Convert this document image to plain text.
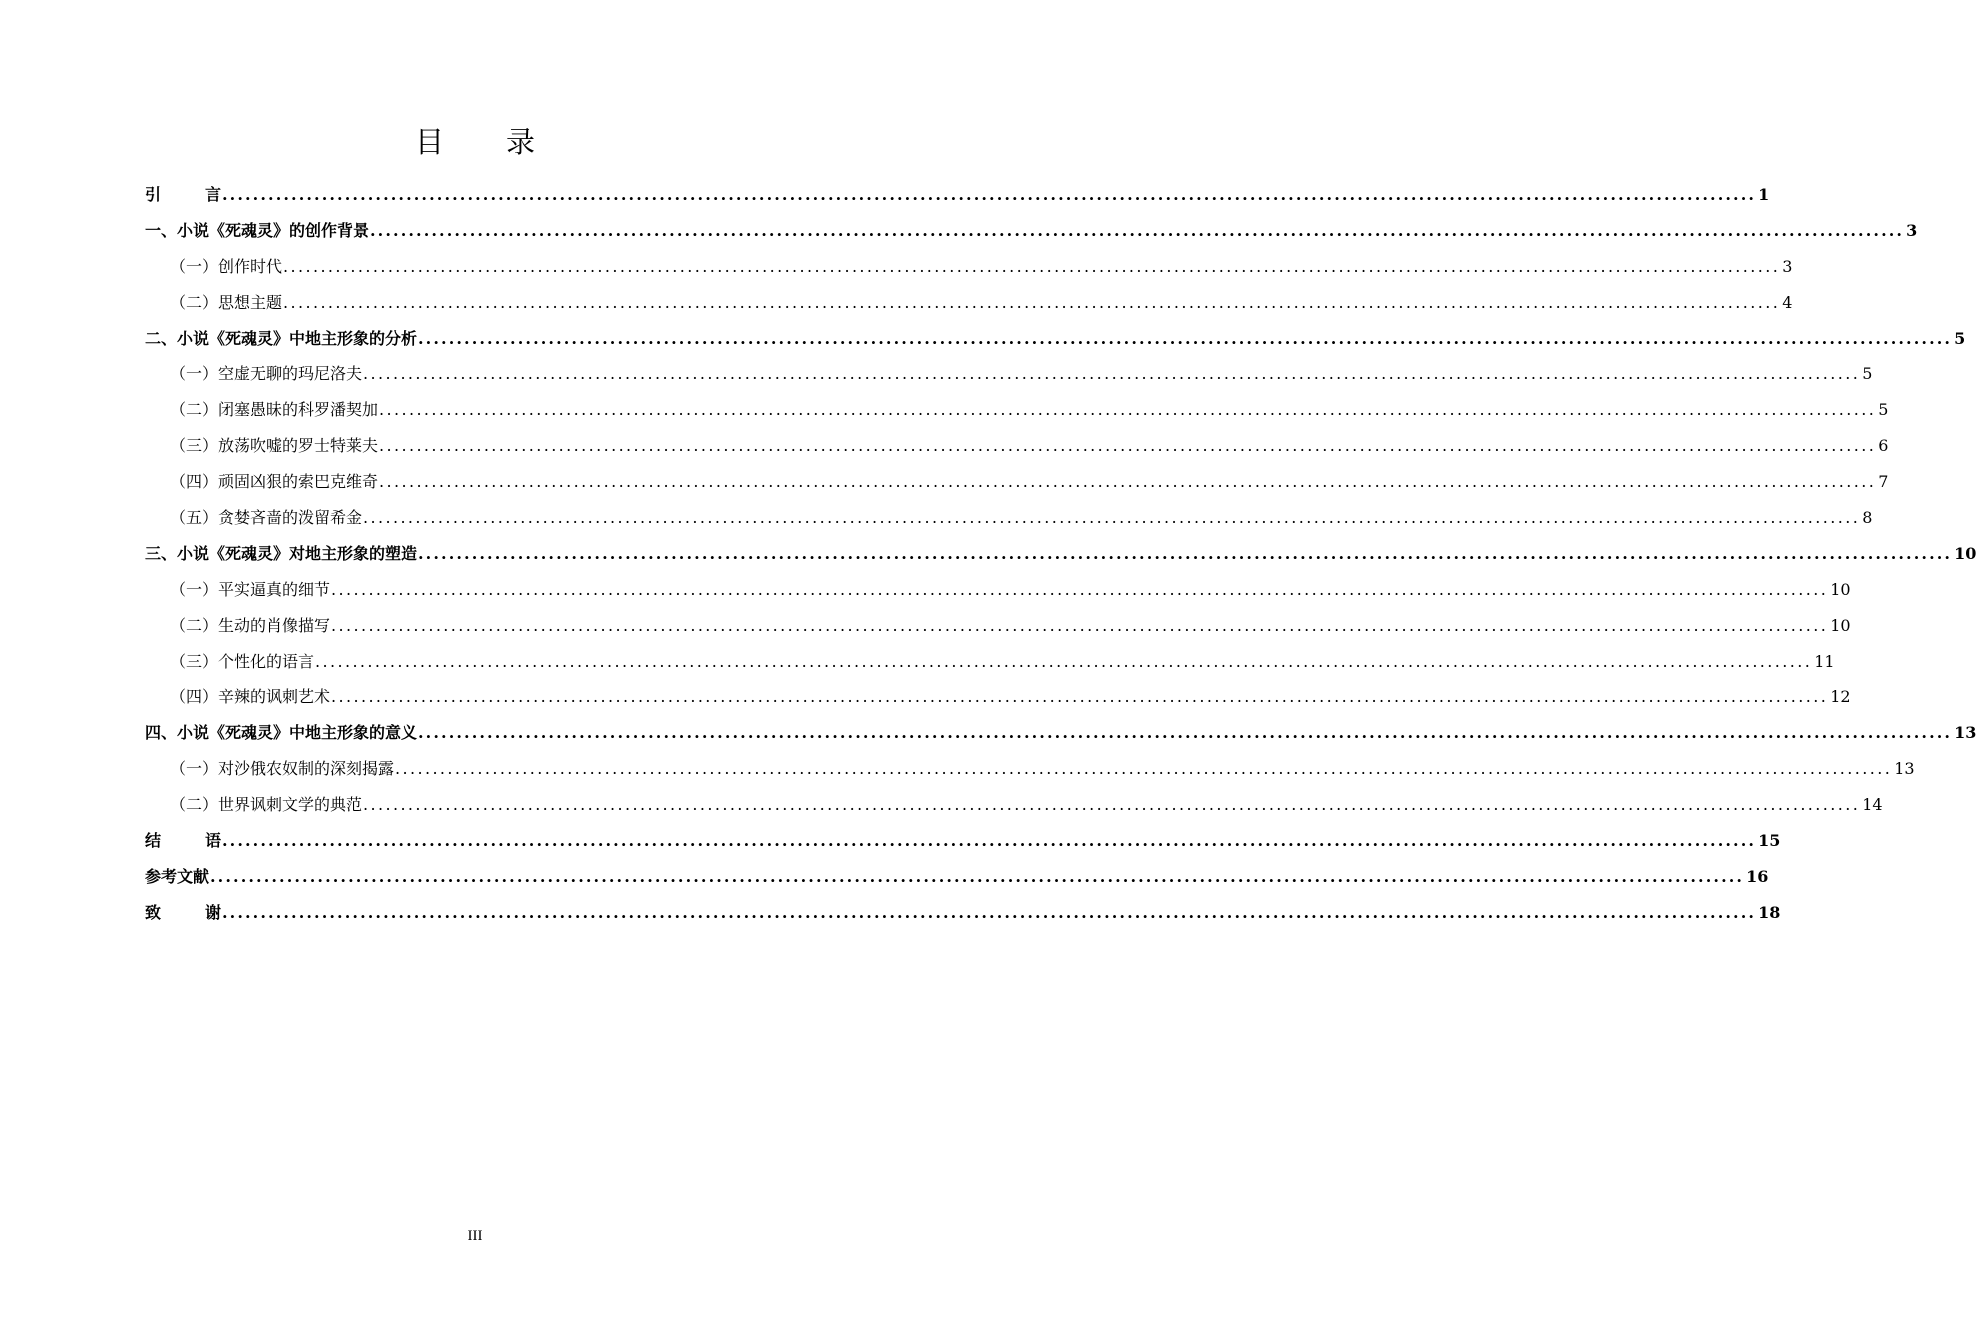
目 录
引	言 ........................................................................................................................................................................................................ 1
一、小说《死魂灵》的创作背景 ........................................................................................................................................................................................................ 3
（一）创作时代 ........................................................................................................................................................................................................ 3
（二）思想主题 ........................................................................................................................................................................................................ 4
二、小说《死魂灵》中地主形象的分析 ........................................................................................................................................................................................................ 5
（一）空虚无聊的玛尼洛夫 ........................................................................................................................................................................................................ 5
（二）闭塞愚昧的科罗潘契加 ........................................................................................................................................................................................................ 5
（三）放荡吹嘘的罗士特莱夫 ........................................................................................................................................................................................................ 6
（四）顽固凶狠的索巴克维奇 ........................................................................................................................................................................................................ 7
（五）贪婪吝啬的泼留希金 ........................................................................................................................................................................................................ 8
三、小说《死魂灵》对地主形象的塑造 ........................................................................................................................................................................................................ 10
（一）平实逼真的细节 ........................................................................................................................................................................................................ 10
（二）生动的肖像描写 ........................................................................................................................................................................................................ 10
（三）个性化的语言 ........................................................................................................................................................................................................ 11
（四）辛辣的讽刺艺术 ........................................................................................................................................................................................................ 12
四、小说《死魂灵》中地主形象的意义 ........................................................................................................................................................................................................ 13
（一）对沙俄农奴制的深刻揭露 ........................................................................................................................................................................................................ 13
（二）世界讽刺文学的典范 ........................................................................................................................................................................................................ 14
结	语 ........................................................................................................................................................................................................ 15
参考文献 ........................................................................................................................................................................................................ 16
致	谢 ........................................................................................................................................................................................................ 18
III
